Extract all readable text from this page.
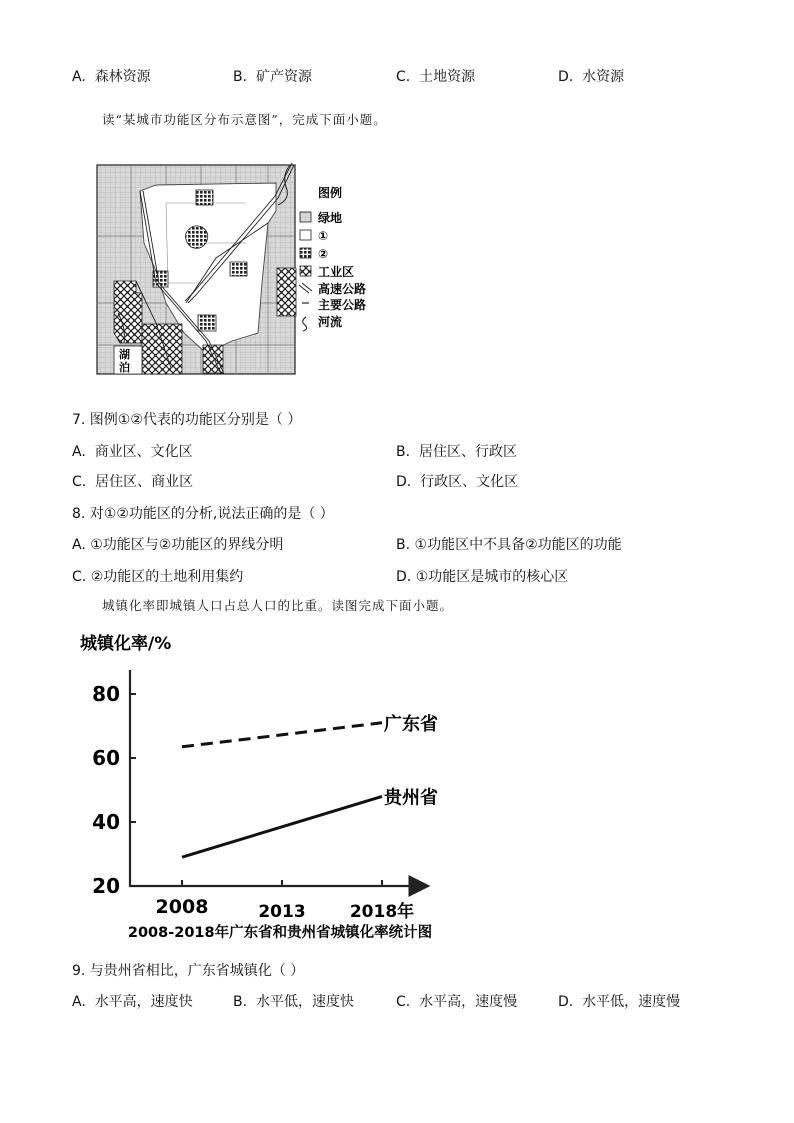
A. 森林资源	B. 矿产资源	C. 土地资源	D. 水资源
读“某城市功能区分布示意图”，完成下面小题。
湖
泊
图例
绿地
①
②
工业区
高速公路
主要公路
河流
7. 图例①②代表的功能区分别是（ ）
A. 商业区、文化区	B. 居住区、行政区
C. 居住区、商业区	D. 行政区、文化区
8. 对①②功能区的分析,说法正确的是（ ）
A. ①功能区与②功能区的界线分明	B. ①功能区中不具备②功能区的功能
C. ②功能区的土地利用集约	D. ①功能区是城市的核心区
城镇化率即城镇人口占总人口的比重。读图完成下面小题。
城镇化率/%
20
40
60
80
2008	2013	2018年
广东省
贵州省
2008-2018年广东省和贵州省城镇化率统计图
9. 与贵州省相比，广东省城镇化（ ）
A. 水平高，速度快	B. 水平低，速度快	C. 水平高，速度慢	D. 水平低，速度慢
